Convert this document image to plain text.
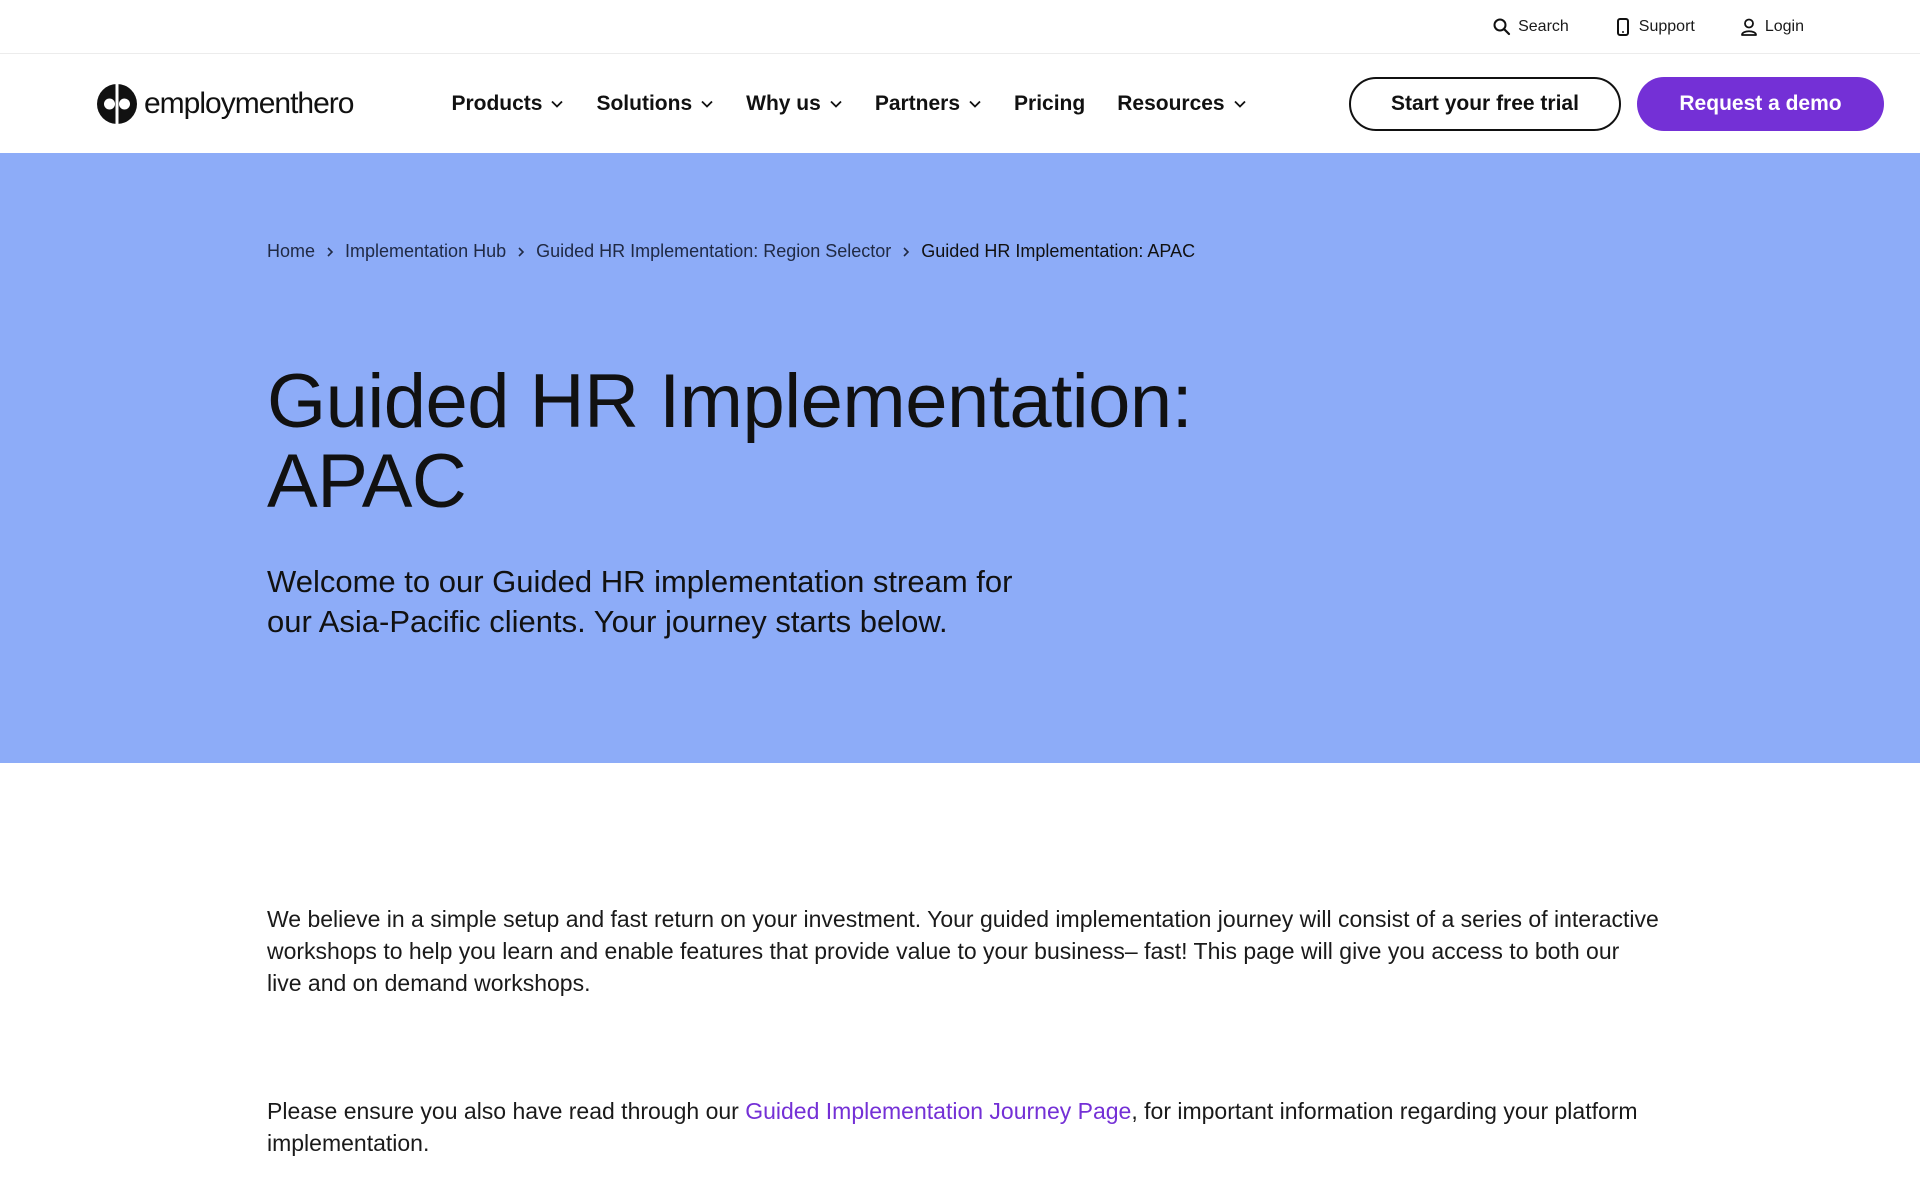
Search	Support	Login
employmenthero	Products	Solutions	Why us	Partners	Pricing Resources	Start your free trial	Request a demo
Home Implementation Hub Guided HR Implementation: Region Selector Guided HR Implementation: APAC
Guided HR Implementation: APAC

Welcome to our Guided HR implementation stream for our Asia-Pacific clients. Your journey starts below.

We believe in a simple setup and fast return on your investment. Your guided implementation journey will consist of a series of interactive workshops to help you learn and enable features that provide value to your business– fast! This page will give you access to both our live and on demand workshops.

Please ensure you also have read through our Guided Implementation Journey Page, for important information regarding your platform implementation.
